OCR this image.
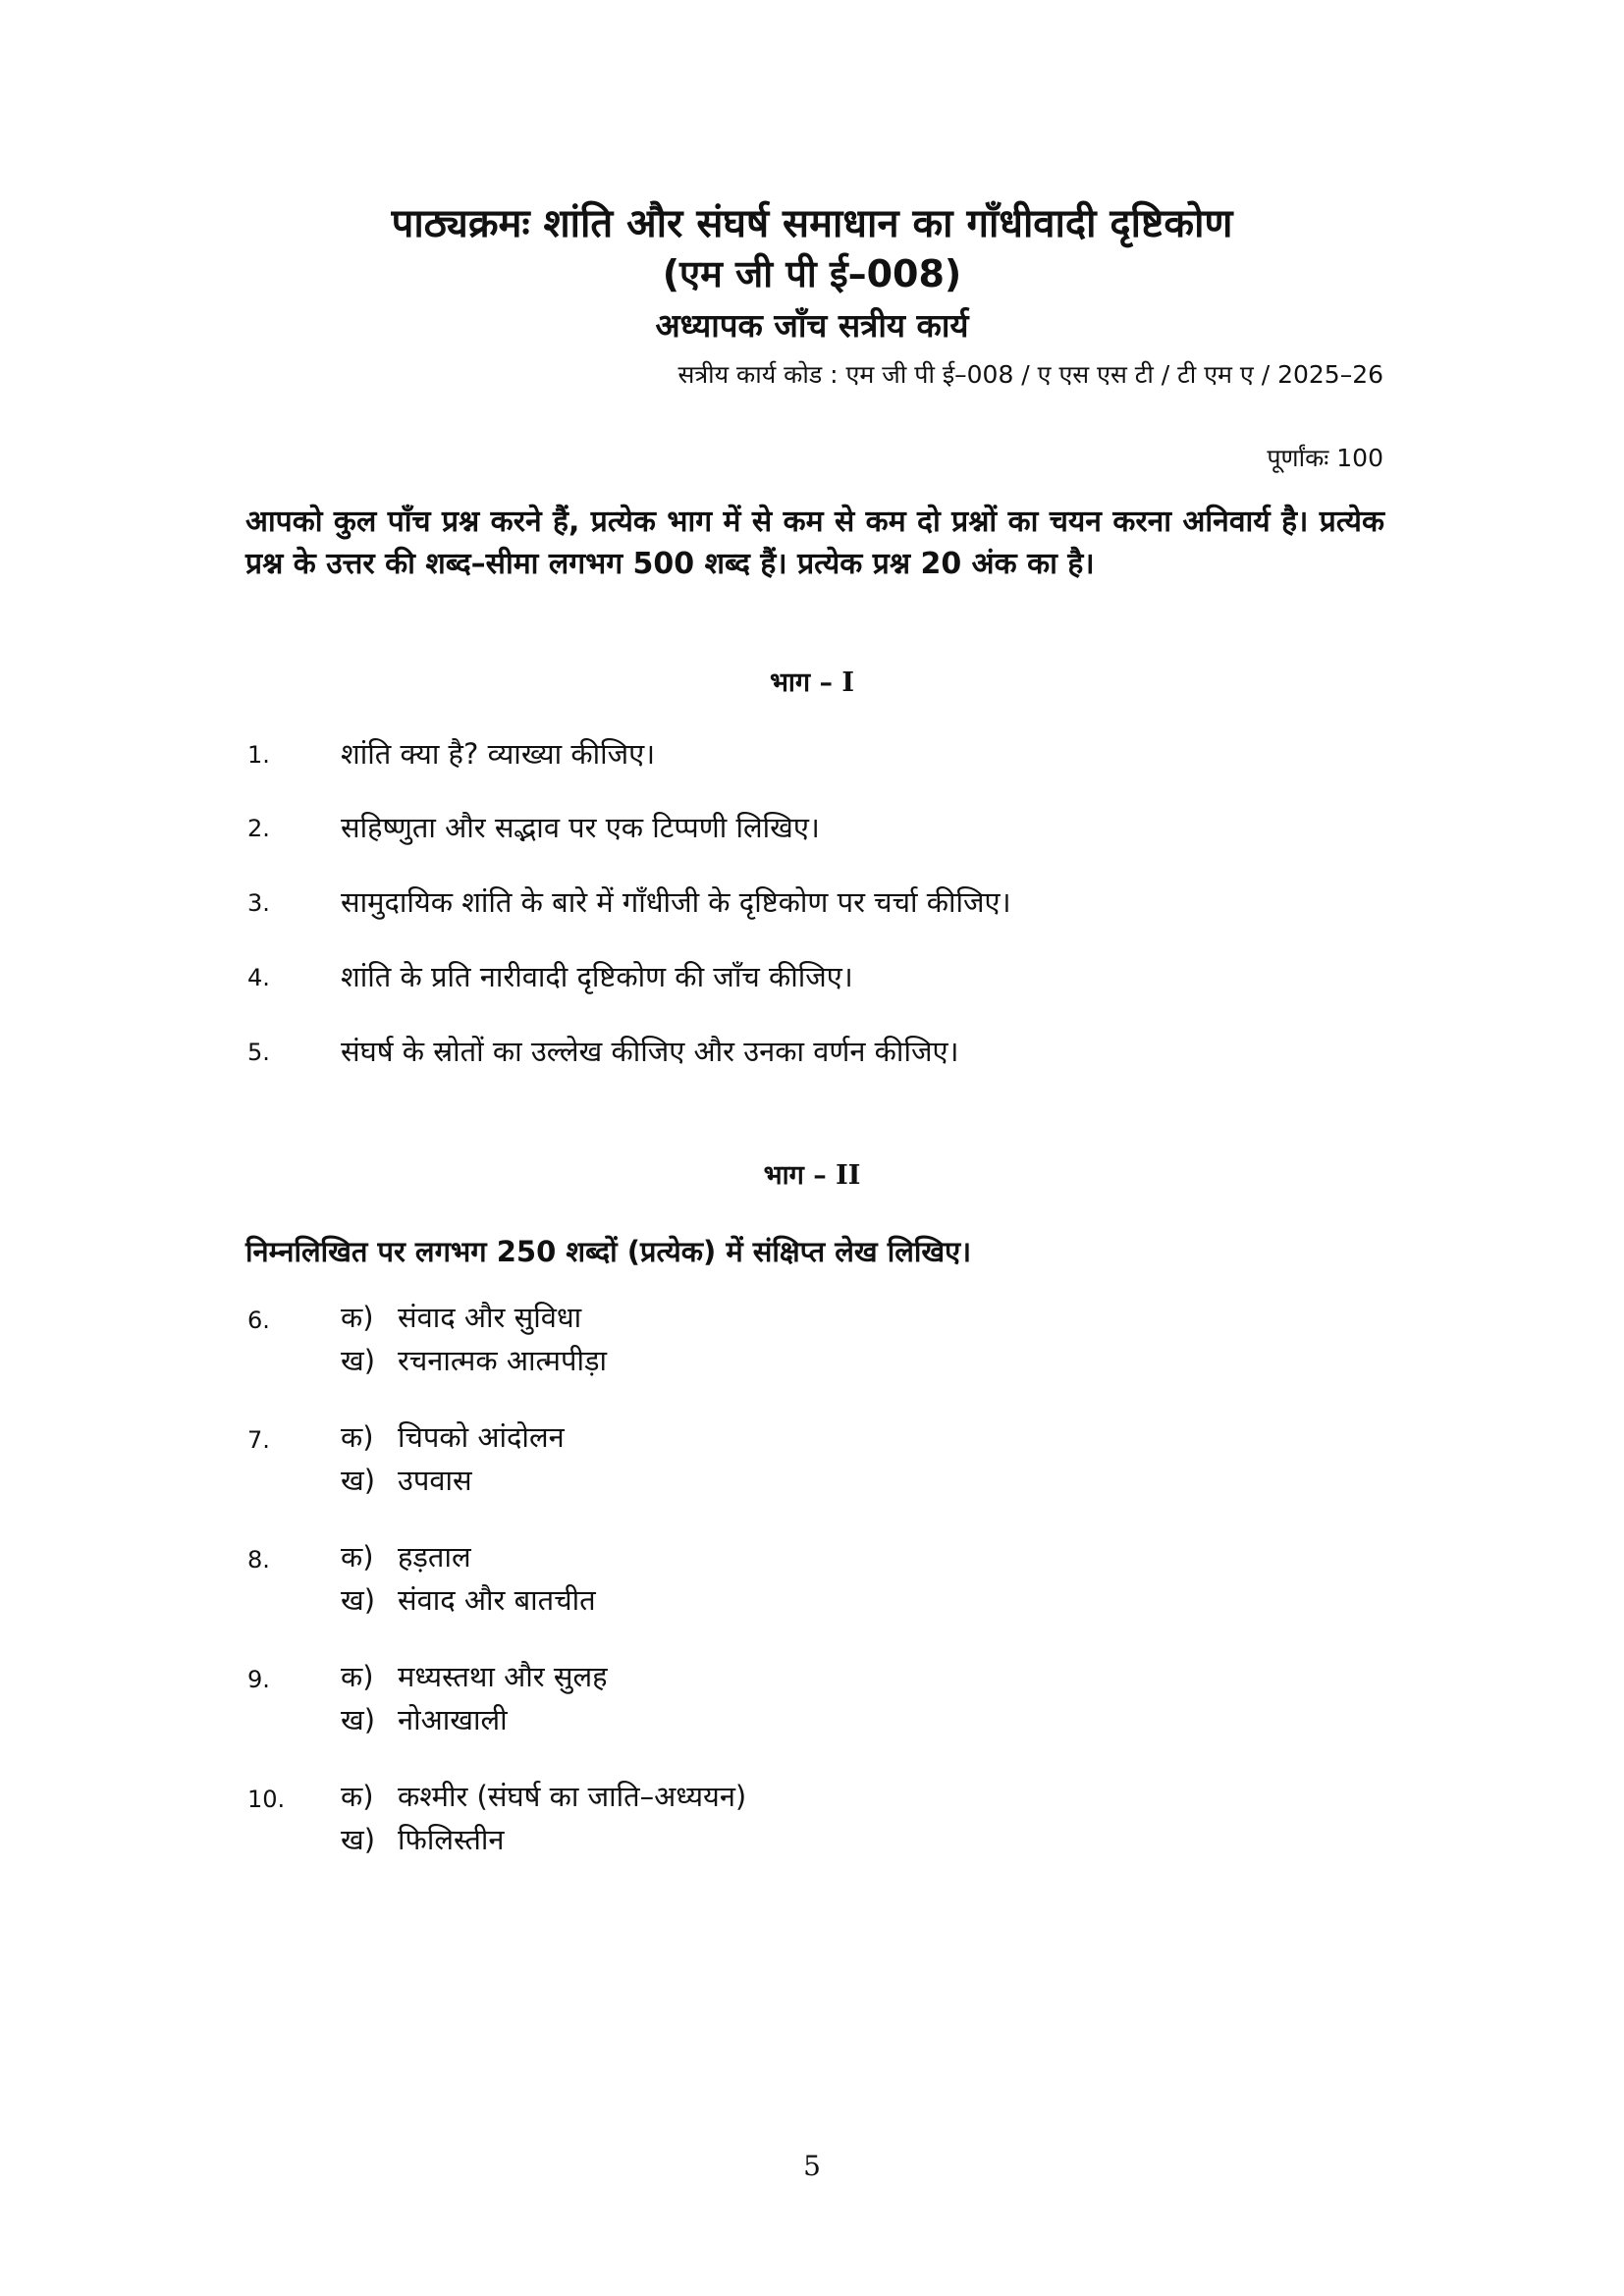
पाठ्यक्रमः शांति और संघर्ष समाधान का गाँधीवादी दृष्टिकोण
(एम जी पी ई–008)
अध्यापक जाँच सत्रीय कार्य
सत्रीय कार्य कोड : एम जी पी ई–008 / ए एस एस टी / टी एम ए / 2025–26
पूर्णांकः 100
आपको कुल पाँच प्रश्न करने हैं, प्रत्येक भाग में से कम से कम दो प्रश्नों का चयन करना अनिवार्य है। प्रत्येक प्रश्न के उत्तर की शब्द–सीमा लगभग 500 शब्द हैं। प्रत्येक प्रश्न 20 अंक का है।
भाग – I
1. शांति क्या है? व्याख्या कीजिए।
2. सहिष्णुता और सद्भाव पर एक टिप्पणी लिखिए।
3. सामुदायिक शांति के बारे में गाँधीजी के दृष्टिकोण पर चर्चा कीजिए।
4. शांति के प्रति नारीवादी दृष्टिकोण की जाँच कीजिए।
5. संघर्ष के स्रोतों का उल्लेख कीजिए और उनका वर्णन कीजिए।
भाग – II
निम्नलिखित पर लगभग 250 शब्दों (प्रत्येक) में संक्षिप्त लेख लिखिए।
6. क) संवाद और सुविधा
ख) रचनात्मक आत्मपीड़ा
7. क) चिपको आंदोलन
ख) उपवास
8. क) हड़ताल
ख) संवाद और बातचीत
9. क) मध्यस्तथा और सुलह
ख) नोआखाली
10. क) कश्मीर (संघर्ष का जाति–अध्ययन)
ख) फिलिस्तीन
5
